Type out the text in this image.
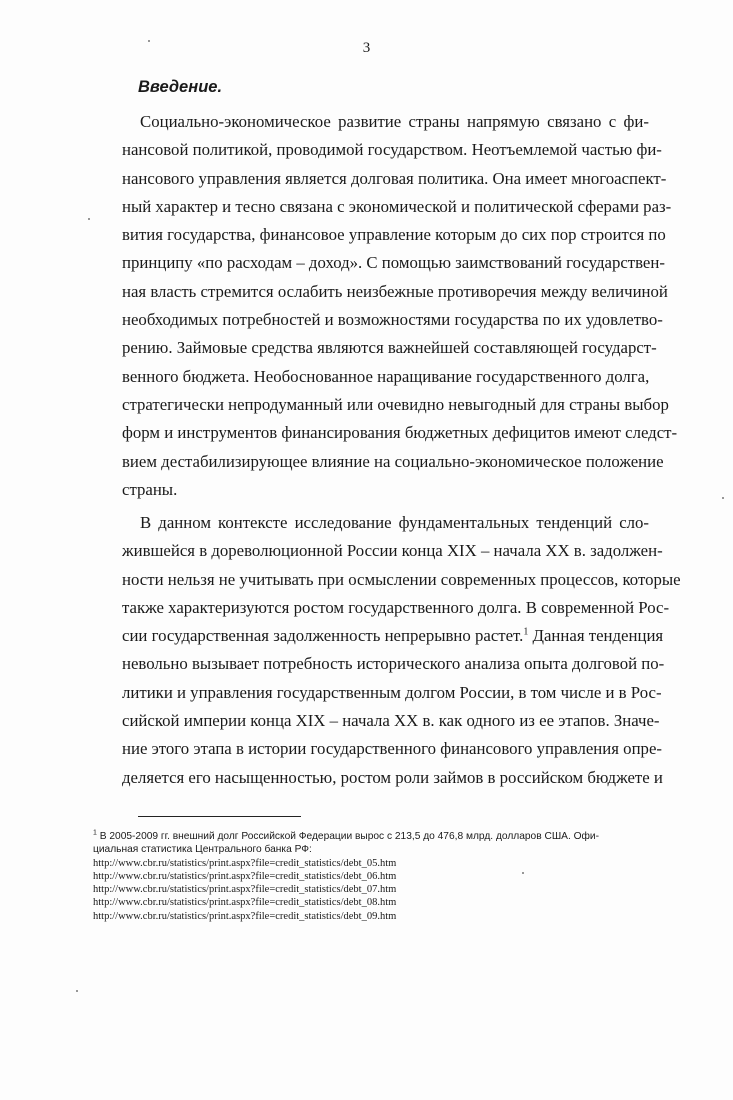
3
Введение.
Социально-экономическое развитие страны напрямую связано с фи-
нансовой политикой, проводимой государством. Неотъемлемой частью фи-
нансового управления является долговая политика. Она имеет многоаспект-
ный характер и тесно связана с экономической и политической сферами раз-
вития государства, финансовое управление которым до сих пор строится по
принципу «по расходам – доход». С помощью заимствований государствен-
ная власть стремится ослабить неизбежные противоречия между величиной
необходимых потребностей и возможностями государства по их удовлетво-
рению. Займовые средства являются важнейшей составляющей государст-
венного бюджета. Необоснованное наращивание государственного долга,
стратегически непродуманный или очевидно невыгодный для страны выбор
форм и инструментов финансирования бюджетных дефицитов имеют следст-
вием дестабилизирующее влияние на социально-экономическое положение
страны.
В данном контексте исследование фундаментальных тенденций сло-
жившейся в дореволюционной России конца XIX – начала XX в. задолжен-
ности нельзя не учитывать при осмыслении современных процессов, которые
также характеризуются ростом государственного долга. В современной Рос-
сии государственная задолженность непрерывно растет.$^1$ Данная тенденция
невольно вызывает потребность исторического анализа опыта долговой по-
литики и управления государственным долгом России, в том числе и в Рос-
сийской империи конца XIX – начала XX в. как одного из ее этапов. Значе-
ние этого этапа в истории государственного финансового управления опре-
деляется его насыщенностью, ростом роли займов в российском бюджете и
$^1$ В 2005-2009 гг. внешний долг Российской Федерации вырос с 213,5 до 476,8 млрд. долларов США. Офи-
циальная статистика Центрального банка РФ:
http://www.cbr.ru/statistics/print.aspx?file=credit_statistics/debt_05.htm
http://www.cbr.ru/statistics/print.aspx?file=credit_statistics/debt_06.htm
http://www.cbr.ru/statistics/print.aspx?file=credit_statistics/debt_07.htm
http://www.cbr.ru/statistics/print.aspx?file=credit_statistics/debt_08.htm
http://www.cbr.ru/statistics/print.aspx?file=credit_statistics/debt_09.htm
